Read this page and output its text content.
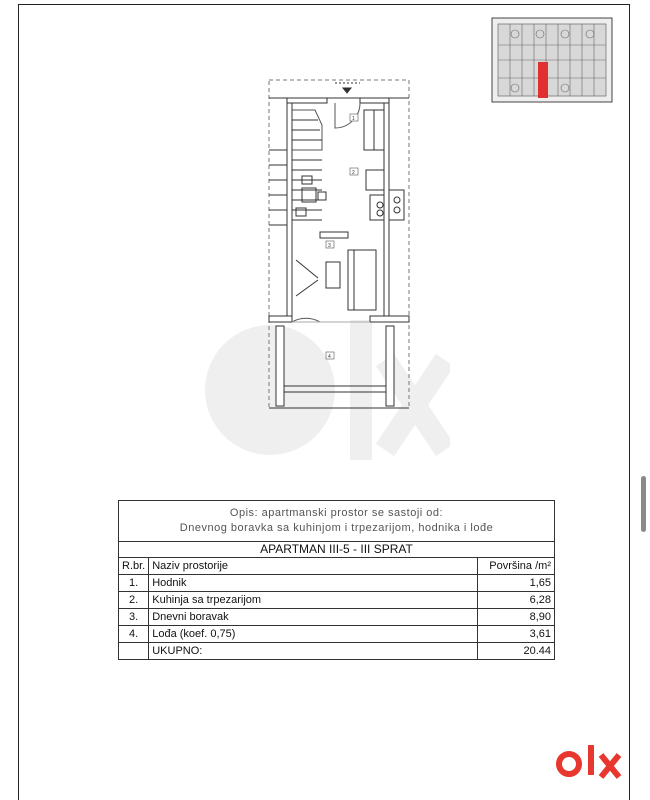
1
2
3
4
Opis: apartmanski prostor se sastoji od:
Dnevnog boravka sa kuhinjom i trpezarijom, hodnika i lođe
APARTMAN III-5 - III SPRAT
R.br.	Naziv prostorije	Površina /m²
1.	Hodnik	1,65
2.	Kuhinja sa trpezarijom	6,28
3.	Dnevni boravak	8,90
4.	Lođa (koef. 0,75)	3,61
	UKUPNO:	20.44
